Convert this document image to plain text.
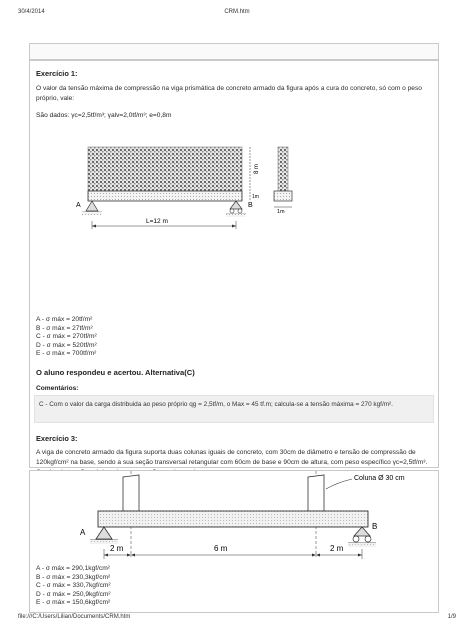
30/4/2014	CRM.htm
Exercício 1:
O valor da tensão máxima de compressão na viga prismática de concreto armado da figura após a cura do concreto, só com o peso próprio, vale:
São dados: γc=2,5tf/m³; γalv=2,0tf/m³; e=0,8m
A	B
L=12 m
8 m
1m
1m
A - σ máx = 20tf/m²
B - σ máx = 27tf/m²
C - σ máx = 270tf/m²
D - σ máx = 520tf/m²
E - σ máx = 700tf/m²
O aluno respondeu e acertou. Alternativa(C)
Comentários:
C - Com o valor da carga distribuida ao peso próprio qg = 2,5tf/m, o Max = 45 tf.m; calcula-se a tensão máxima = 270 kgf/m².
Exercício 3:
A viga de concreto armado da figura suporta duas colunas iguais de concreto, com 30cm de diâmetro e tensão de compressão de 120kgf/cm² na base, sendo a sua seção transversal retangular com 60cm de base e 90cm de altura, com peso específico γc=2,5tf/m³.
Coluna Ø 30 cm
A
B
2 m	6 m	2 m
A - σ máx = 290,1kgf/cm²
B - σ máx = 230,3kgf/cm²
C - σ máx = 330,7kgf/cm²
D - σ máx = 250,9kgf/cm²
E - σ máx = 150,6kgf/cm²
file:///C:/Users/Lilian/Documents/CRM.htm	1/9
